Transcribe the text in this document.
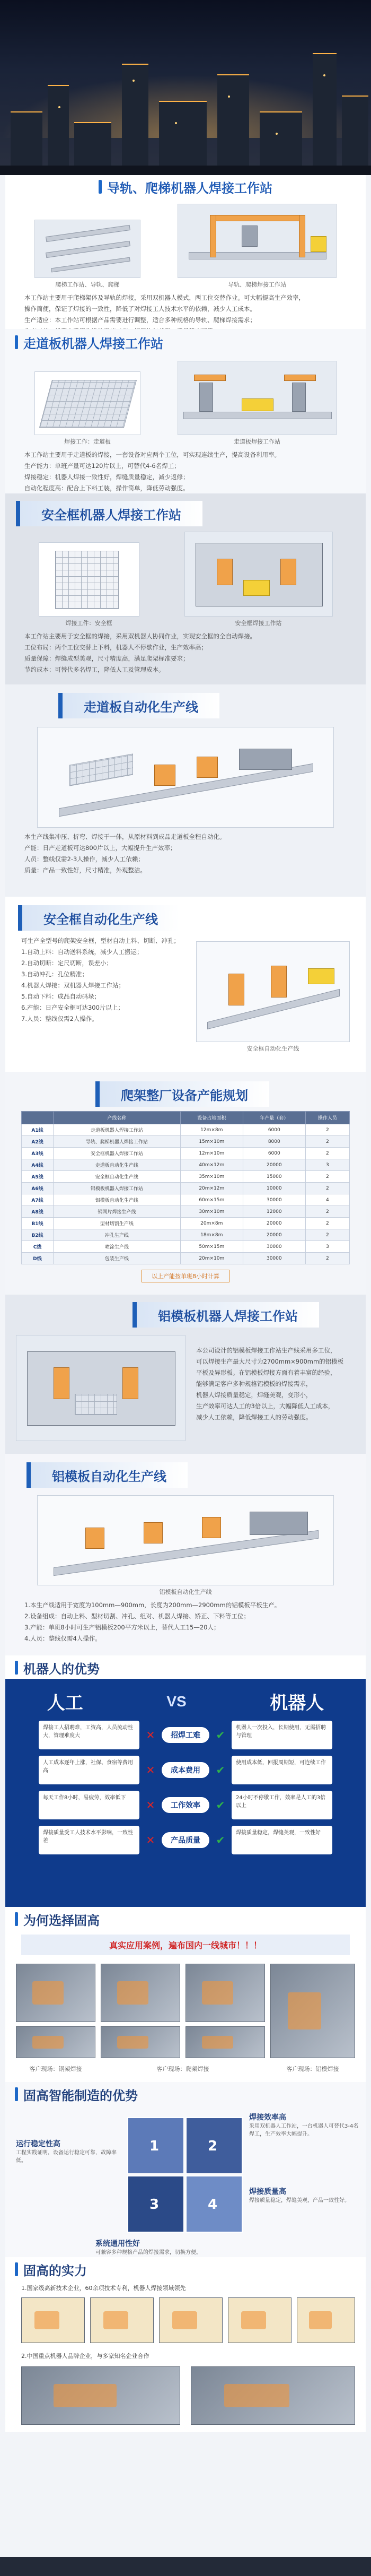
导轨、爬梯机器人焊接工作站
爬梯工作站、导轨、爬梯	导轨、爬梯焊接工作站

本工作站主要用于爬梯架体及导轨的焊接，采用双机器人模式，两工位交替作业。可大幅提高生产效率，

操作简便，保证了焊接的一致性，降低了对焊接工人技术水平的依赖，减少人工成本。

生产适应：本工作站可根据产品需要进行调整，适合多种规格的导轨、爬梯焊接需求；

走道板机器人焊接工作站
焊接工作：走道板	走道板焊接工作站

本工作站主要用于走道板的焊接，一套设备对应两个工位，可实现连续生产，提高设备利用率。

生产能力：单班产量可达120片以上，可替代4-6名焊工；

焊接稳定：机器人焊接一致性好，焊缝质量稳定，减少返修；

自动化程度高：配合上下料工装，操作简单，降低劳动强度。

安全框机器人焊接工作站
焊接工件：安全框	安全框焊接工作站

本工作站主要用于安全框的焊接，采用双机器人协同作业，实现安全框的全自动焊接。

工位布局：两个工位交替上下料，机器人不停歇作业，生产效率高；

质量保障：焊缝成型美观，尺寸精度高，满足爬架标准要求；

节约成本：可替代多名焊工，降低人工及管理成本。

走道板自动化生产线

本生产线集冲压、折弯、焊接于一体，从原材料到成品走道板全程自动化。

产能：日产走道板可达800片以上，大幅提升生产效率；

人员：整线仅需2-3人操作，减少人工依赖；

质量：产品一致性好，尺寸精准，外观整洁。

安全框自动化生产线

可生产全型号的爬架安全框，型材自动上料、切断、冲孔；

1.自动上料：自动送料系统，减少人工搬运；

2.自动切断：定尺切断，误差小；

3.自动冲孔：孔位精准；

4.机器人焊接：双机器人焊接工作站；

5.自动下料：成品自动码垛；

6.产能：日产安全框可达300片以上；

7.人员：整线仅需2人操作。

安全框自动化生产线
爬架整厂设备产能规划
	产线名称	设备占地面积	年产量（套）	操作人员
A1线	走道板机器人焊接工作站	12m×8m	6000	2
A2线	导轨、爬梯机器人焊接工作站	15m×10m	8000	2
A3线	安全框机器人焊接工作站	12m×10m	6000	2
A4线	走道板自动化生产线	40m×12m	20000	3
A5线	安全框自动化生产线	35m×10m	15000	2
A6线	铝模板机器人焊接工作站	20m×12m	10000	2
A7线	铝模板自动化生产线	60m×15m	30000	4
A8线	钢网片焊接生产线	30m×10m	12000	2
B1线	型材切割生产线	20m×8m	20000	2
B2线	冲孔生产线	18m×8m	20000	2
C线	喷涂生产线	50m×15m	30000	3
D线	包装生产线	20m×10m	30000	2
以上产能按单班8小时计算
铝模板机器人焊接工作站

本公司设计的铝模板焊接工作站生产线采用多工位，

可以焊接生产最大尺寸为2700mm×900mm的铝模板

平板及异形板。在铝模板焊接方面有着丰富的经验，

能够满足客户多种规格铝模板的焊接需求，

机器人焊接质量稳定，焊缝美观，变形小，

生产效率可达人工的3倍以上，大幅降低人工成本，

减少人工依赖，降低焊接工人的劳动强度。

铝模板自动化生产线
铝模板自动化生产线

1.本生产线适用于宽度为100mm—900mm，长度为200mm—2900mm的铝模板平板生产。

2.设备组成：自动上料、型材切割、冲孔、组对、机器人焊接、矫正、下料等工位；

3.产能：单班8小时可生产铝模板200平方米以上，替代人工15—20人；

4.人员：整线仅需4人操作。

机器人的优势
人工	VS	机器人
焊接工人招聘难，工资高，人员流动性大，管理难度大	✕	招焊工难	✔
机器人一次投入，长期使用，无需招聘与管理
人工成本逐年上涨，社保、食宿等费用高	✕	成本费用	✔
使用成本低，回报周期短，可连续工作
每天工作8小时，易疲劳，效率低下
✕	工作效率	✔
24小时不停歇工作，效率是人工的3倍以上
焊接质量受工人技术水平影响，一致性差	✕	产品质量	✔
焊接质量稳定，焊缝美观，一致性好
为何选择固高
真实应用案例，遍布国内一线城市！！！
客户现场：钢架焊接	客户现场：爬架焊接	客户现场：铝模焊接
固高智能制造的优势
1	2
3	4
焊接效率高
采用双机器人工作站，一台机器人可替代3-4名焊工，生产效率大幅提升。
运行稳定性高
工程实践证明，设备运行稳定可靠，故障率低。
焊接质量高
焊接质量稳定，焊缝美观，产品一致性好。
系统通用性好
可兼容多种规格产品的焊接需求，切换方便。
固高的实力
1.国家级高新技术企业，60余项技术专利，机器人焊接领域领先
2.中国重点机器人品牌企业，与多家知名企业合作
